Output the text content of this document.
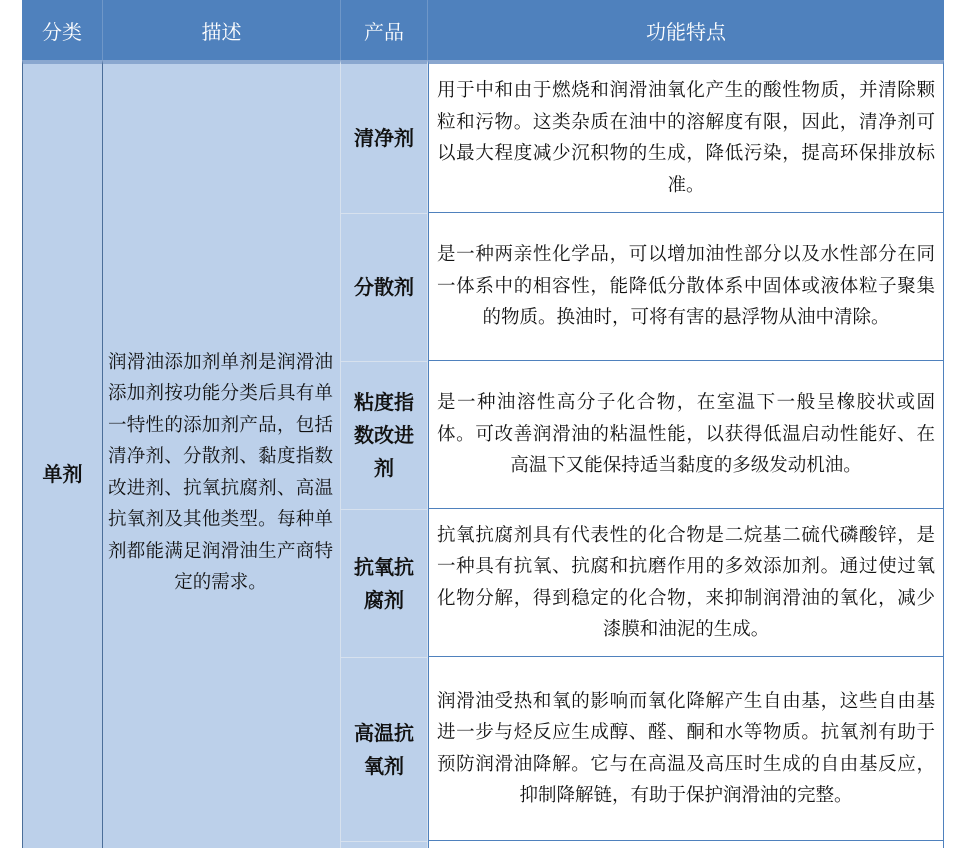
分类	描述	产品	功能特点
单剂	润滑油添加剂单剂是润滑油添加剂按功能分类后具有单一特性的添加剂产品，包括清净剂、分散剂、黏度指数改进剂、抗氧抗腐剂、高温抗氧剂及其他类型。每种单剂都能满足润滑油生产商特定的需求。	清净剂	用于中和由于燃烧和润滑油氧化产生的酸性物质，并清除颗粒和污物。这类杂质在油中的溶解度有限，因此，清净剂可以最大程度减少沉积物的生成，降低污染，提高环保排放标准。
		分散剂	是一种两亲性化学品，可以增加油性部分以及水性部分在同一体系中的相容性，能降低分散体系中固体或液体粒子聚集的物质。换油时，可将有害的悬浮物从油中清除。
		粘度指数改进剂	是一种油溶性高分子化合物，在室温下一般呈橡胶状或固体。可改善润滑油的粘温性能，以获得低温启动性能好、在高温下又能保持适当黏度的多级发动机油。
		抗氧抗腐剂	抗氧抗腐剂具有代表性的化合物是二烷基二硫代磷酸锌，是一种具有抗氧、抗腐和抗磨作用的多效添加剂。通过使过氧化物分解，得到稳定的化合物，来抑制润滑油的氧化，减少漆膜和油泥的生成。
		高温抗氧剂	润滑油受热和氧的影响而氧化降解产生自由基，这些自由基进一步与烃反应生成醇、醛、酮和水等物质。抗氧剂有助于预防润滑油降解。它与在高温及高压时生成的自由基反应，抑制降解链，有助于保护润滑油的完整。
